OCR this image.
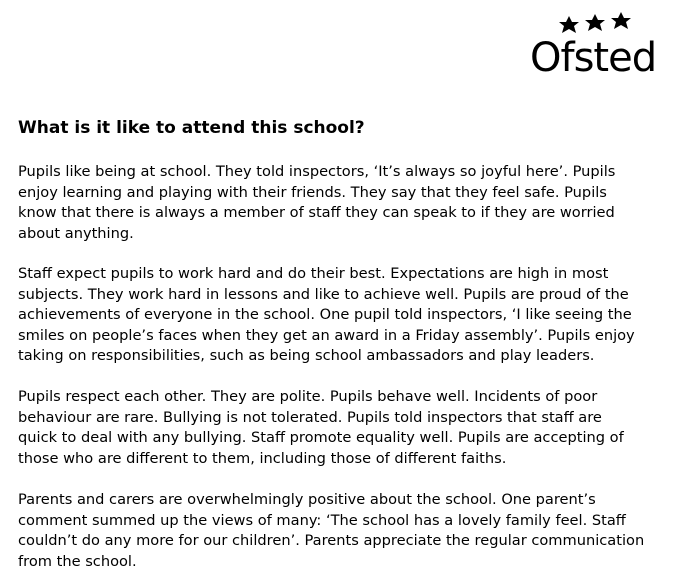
Ofsted
What is it like to attend this school?

Pupils like being at school. They told inspectors, ‘It’s always so joyful here’. Pupils
enjoy learning and playing with their friends. They say that they feel safe. Pupils
know that there is always a member of staff they can speak to if they are worried
about anything.

Staff expect pupils to work hard and do their best. Expectations are high in most
subjects. They work hard in lessons and like to achieve well. Pupils are proud of the
achievements of everyone in the school. One pupil told inspectors, ‘I like seeing the
smiles on people’s faces when they get an award in a Friday assembly’. Pupils enjoy
taking on responsibilities, such as being school ambassadors and play leaders.

Pupils respect each other. They are polite. Pupils behave well. Incidents of poor
behaviour are rare. Bullying is not tolerated. Pupils told inspectors that staff are
quick to deal with any bullying. Staff promote equality well. Pupils are accepting of
those who are different to them, including those of different faiths.

Parents and carers are overwhelmingly positive about the school. One parent’s
comment summed up the views of many: ‘The school has a lovely family feel. Staff
couldn’t do any more for our children’. Parents appreciate the regular communication
from the school.
